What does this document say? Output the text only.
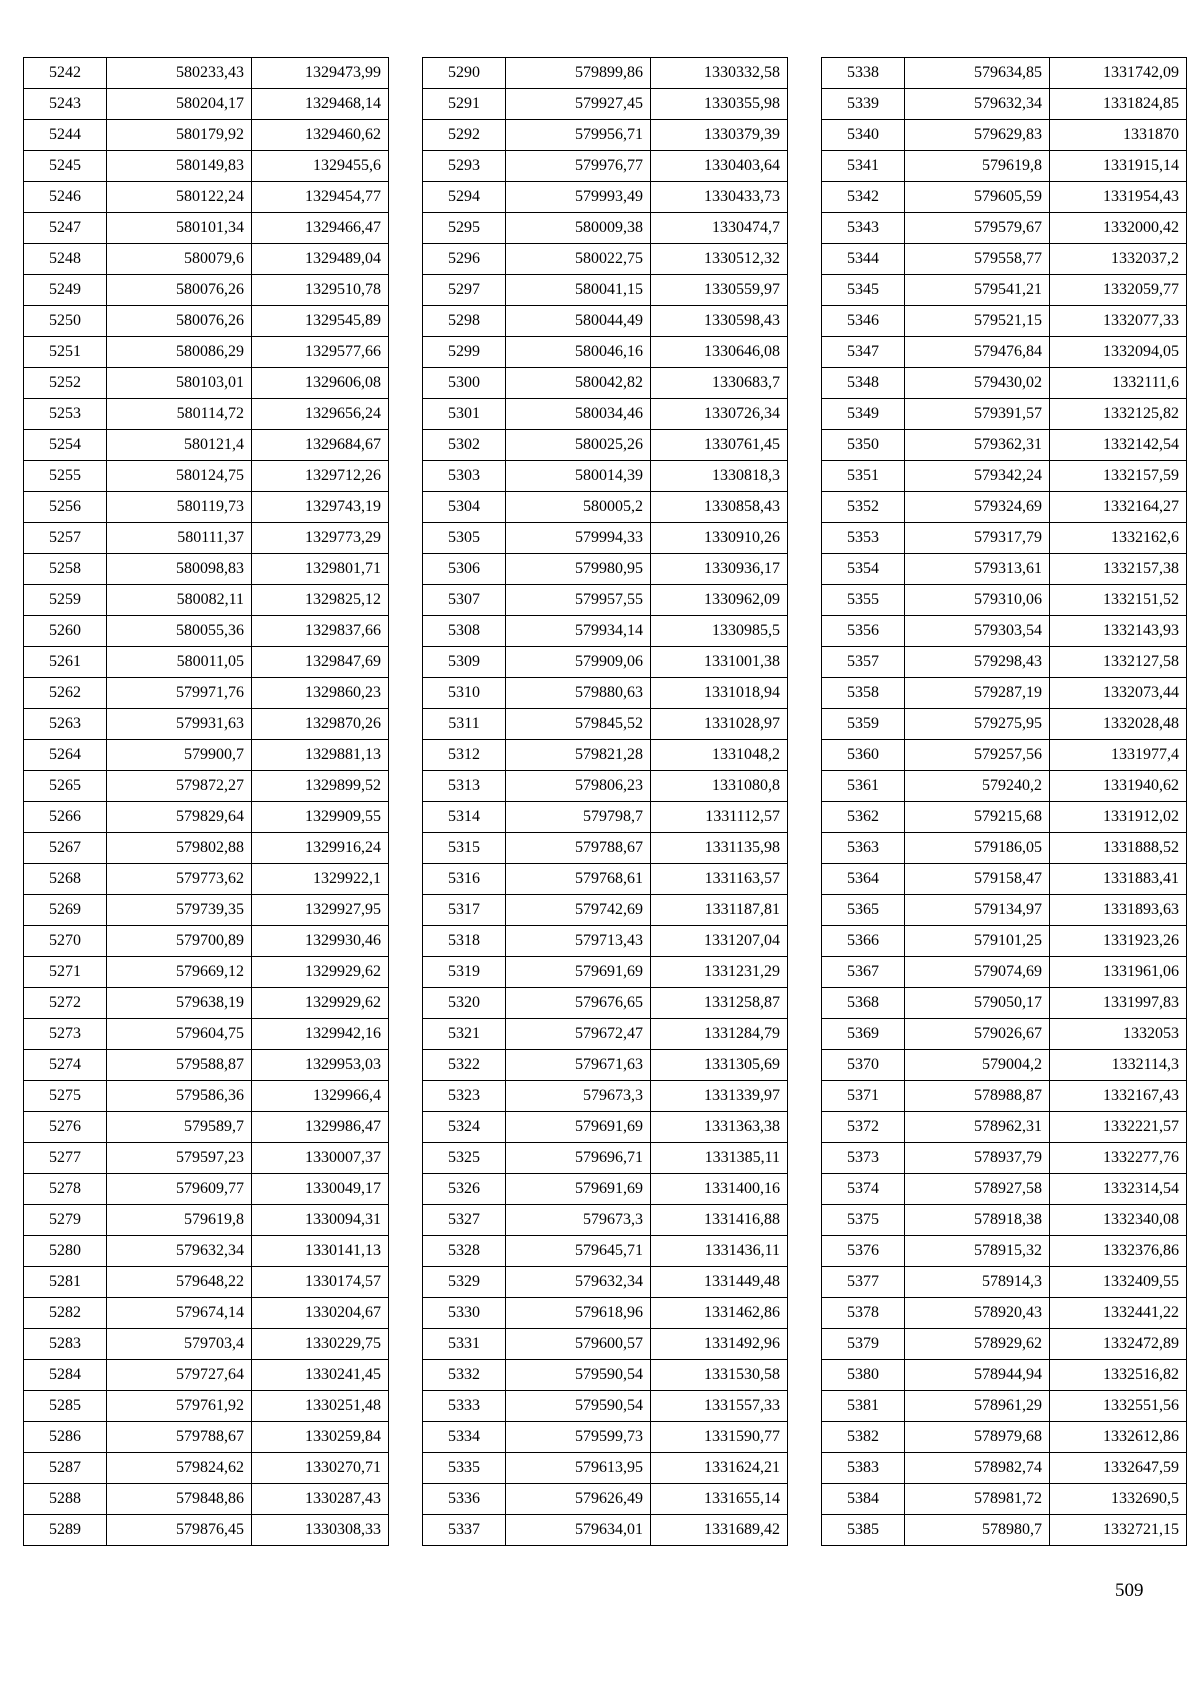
5242	580233,43	1329473,99
5243	580204,17	1329468,14
5244	580179,92	1329460,62
5245	580149,83	1329455,6
5246	580122,24	1329454,77
5247	580101,34	1329466,47
5248	580079,6	1329489,04
5249	580076,26	1329510,78
5250	580076,26	1329545,89
5251	580086,29	1329577,66
5252	580103,01	1329606,08
5253	580114,72	1329656,24
5254	580121,4	1329684,67
5255	580124,75	1329712,26
5256	580119,73	1329743,19
5257	580111,37	1329773,29
5258	580098,83	1329801,71
5259	580082,11	1329825,12
5260	580055,36	1329837,66
5261	580011,05	1329847,69
5262	579971,76	1329860,23
5263	579931,63	1329870,26
5264	579900,7	1329881,13
5265	579872,27	1329899,52
5266	579829,64	1329909,55
5267	579802,88	1329916,24
5268	579773,62	1329922,1
5269	579739,35	1329927,95
5270	579700,89	1329930,46
5271	579669,12	1329929,62
5272	579638,19	1329929,62
5273	579604,75	1329942,16
5274	579588,87	1329953,03
5275	579586,36	1329966,4
5276	579589,7	1329986,47
5277	579597,23	1330007,37
5278	579609,77	1330049,17
5279	579619,8	1330094,31
5280	579632,34	1330141,13
5281	579648,22	1330174,57
5282	579674,14	1330204,67
5283	579703,4	1330229,75
5284	579727,64	1330241,45
5285	579761,92	1330251,48
5286	579788,67	1330259,84
5287	579824,62	1330270,71
5288	579848,86	1330287,43
5289	579876,45	1330308,33
5290	579899,86	1330332,58
5291	579927,45	1330355,98
5292	579956,71	1330379,39
5293	579976,77	1330403,64
5294	579993,49	1330433,73
5295	580009,38	1330474,7
5296	580022,75	1330512,32
5297	580041,15	1330559,97
5298	580044,49	1330598,43
5299	580046,16	1330646,08
5300	580042,82	1330683,7
5301	580034,46	1330726,34
5302	580025,26	1330761,45
5303	580014,39	1330818,3
5304	580005,2	1330858,43
5305	579994,33	1330910,26
5306	579980,95	1330936,17
5307	579957,55	1330962,09
5308	579934,14	1330985,5
5309	579909,06	1331001,38
5310	579880,63	1331018,94
5311	579845,52	1331028,97
5312	579821,28	1331048,2
5313	579806,23	1331080,8
5314	579798,7	1331112,57
5315	579788,67	1331135,98
5316	579768,61	1331163,57
5317	579742,69	1331187,81
5318	579713,43	1331207,04
5319	579691,69	1331231,29
5320	579676,65	1331258,87
5321	579672,47	1331284,79
5322	579671,63	1331305,69
5323	579673,3	1331339,97
5324	579691,69	1331363,38
5325	579696,71	1331385,11
5326	579691,69	1331400,16
5327	579673,3	1331416,88
5328	579645,71	1331436,11
5329	579632,34	1331449,48
5330	579618,96	1331462,86
5331	579600,57	1331492,96
5332	579590,54	1331530,58
5333	579590,54	1331557,33
5334	579599,73	1331590,77
5335	579613,95	1331624,21
5336	579626,49	1331655,14
5337	579634,01	1331689,42
5338	579634,85	1331742,09
5339	579632,34	1331824,85
5340	579629,83	1331870
5341	579619,8	1331915,14
5342	579605,59	1331954,43
5343	579579,67	1332000,42
5344	579558,77	1332037,2
5345	579541,21	1332059,77
5346	579521,15	1332077,33
5347	579476,84	1332094,05
5348	579430,02	1332111,6
5349	579391,57	1332125,82
5350	579362,31	1332142,54
5351	579342,24	1332157,59
5352	579324,69	1332164,27
5353	579317,79	1332162,6
5354	579313,61	1332157,38
5355	579310,06	1332151,52
5356	579303,54	1332143,93
5357	579298,43	1332127,58
5358	579287,19	1332073,44
5359	579275,95	1332028,48
5360	579257,56	1331977,4
5361	579240,2	1331940,62
5362	579215,68	1331912,02
5363	579186,05	1331888,52
5364	579158,47	1331883,41
5365	579134,97	1331893,63
5366	579101,25	1331923,26
5367	579074,69	1331961,06
5368	579050,17	1331997,83
5369	579026,67	1332053
5370	579004,2	1332114,3
5371	578988,87	1332167,43
5372	578962,31	1332221,57
5373	578937,79	1332277,76
5374	578927,58	1332314,54
5375	578918,38	1332340,08
5376	578915,32	1332376,86
5377	578914,3	1332409,55
5378	578920,43	1332441,22
5379	578929,62	1332472,89
5380	578944,94	1332516,82
5381	578961,29	1332551,56
5382	578979,68	1332612,86
5383	578982,74	1332647,59
5384	578981,72	1332690,5
5385	578980,7	1332721,15
509
